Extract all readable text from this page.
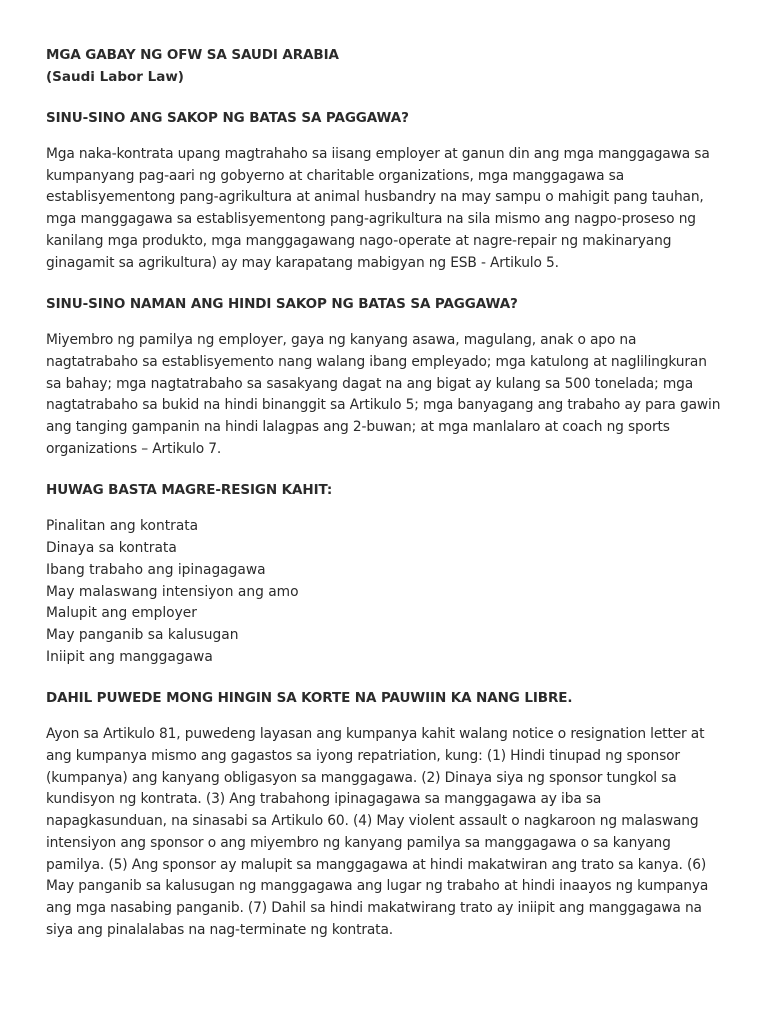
MGA GABAY NG OFW SA SAUDI ARABIA

(Saudi Labor Law)

SINU-SINO ANG SAKOP NG BATAS SA PAGGAWA?

Mga naka-kontrata upang magtrahaho sa iisang employer at ganun din ang mga manggagawa sa kumpanyang pag-aari ng gobyerno at charitable organizations, mga manggagawa sa establisyementong pang-agrikultura at animal husbandry na may sampu o mahigit pang tauhan, mga manggagawa sa establisyementong pang-agrikultura na sila mismo ang nagpo-proseso ng kanilang mga produkto, mga manggagawang nago-operate at nagre-repair ng makinaryang ginagamit sa agrikultura) ay may karapatang mabigyan ng ESB - Artikulo 5.

SINU-SINO NAMAN ANG HINDI SAKOP NG BATAS SA PAGGAWA?

Miyembro ng pamilya ng employer, gaya ng kanyang asawa, magulang, anak o apo na nagtatrabaho sa establisyemento nang walang ibang empleyado; mga katulong at naglilingkuran sa bahay; mga nagtatrabaho sa sasakyang dagat na ang bigat ay kulang sa 500 tonelada; mga nagtatrabaho sa bukid na hindi binanggit sa Artikulo 5; mga banyagang ang trabaho ay para gawin ang tanging gampanin na hindi lalagpas ang 2-buwan; at mga manlalaro at coach ng sports organizations – Artikulo 7.

HUWAG BASTA MAGRE-RESIGN KAHIT:

Pinalitan ang kontrata
Dinaya sa kontrata
Ibang trabaho ang ipinagagawa
May malaswang intensiyon ang amo
Malupit ang employer
May panganib sa kalusugan
Iniipit ang manggagawa

DAHIL PUWEDE MONG HINGIN SA KORTE NA PAUWIIN KA NANG LIBRE.

Ayon sa Artikulo 81, puwedeng layasan ang kumpanya kahit walang notice o resignation letter at ang kumpanya mismo ang gagastos sa iyong repatriation, kung: (1) Hindi tinupad ng sponsor (kumpanya) ang kanyang obligasyon sa manggagawa. (2) Dinaya siya ng sponsor tungkol sa kundisyon ng kontrata. (3) Ang trabahong ipinagagawa sa manggagawa ay iba sa napagkasunduan, na sinasabi sa Artikulo 60. (4) May violent assault o nagkaroon ng malaswang intensiyon ang sponsor o ang miyembro ng kanyang pamilya sa manggagawa o sa kanyang pamilya. (5) Ang sponsor ay malupit sa manggagawa at hindi makatwiran ang trato sa kanya. (6) May panganib sa kalusugan ng manggagawa ang lugar ng trabaho at hindi inaayos ng kumpanya ang mga nasabing panganib. (7) Dahil sa hindi makatwirang trato ay iniipit ang manggagawa na siya ang pinalalabas na nag-terminate ng kontrata.
